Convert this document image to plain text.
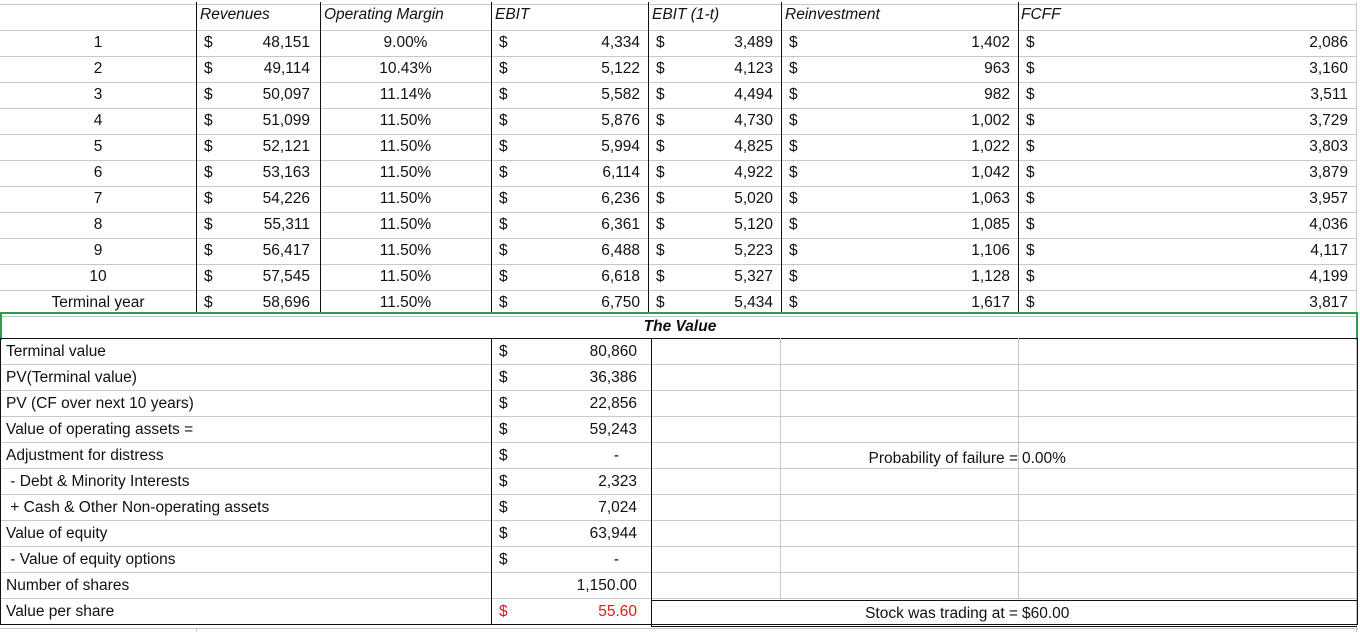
Revenues	Operating Margin	EBIT	EBIT (1-t)	Reinvestment	FCFF
1	$	48,151	9.00%	$	4,334 $	3,489 $	1,402 $	2,086
2	$	49,114	10.43%	$	5,122 $	4,123 $	963 $	3,160
3	$	50,097	11.14%	$	5,582 $	4,494 $	982 $	3,511
4	$	51,099	11.50%	$	5,876 $	4,730 $	1,002 $	3,729
5	$	52,121	11.50%	$	5,994 $	4,825 $	1,022 $	3,803
6	$	53,163	11.50%	$	6,114 $	4,922 $	1,042 $	3,879
7	$	54,226	11.50%	$	6,236 $	5,020 $	1,063 $	3,957
8	$	55,311	11.50%	$	6,361 $	5,120 $	1,085 $	4,036
9	$	56,417	11.50%	$	6,488 $	5,223 $	1,106 $	4,117
10	$	57,545	11.50%	$	6,618 $	5,327 $	1,128 $	4,199
Terminal year	$	58,696	11.50%	$	6,750 $	5,434 $	1,617 $	3,817
The Value
Terminal value	$	80,860
PV(Terminal value)	$	36,386
PV (CF over next 10 years)	$	22,856
Value of operating assets =	$	59,243
Adjustment for distress	$	-
- Debt & Minority Interests	$	2,323
+ Cash & Other Non-operating assets	$	7,024
Value of equity	$	63,944
- Value of equity options	$	-
Number of shares	1,150.00
Value per share	$	55.60
Probability of failure = 0.00%
Stock was trading at = $60.00
